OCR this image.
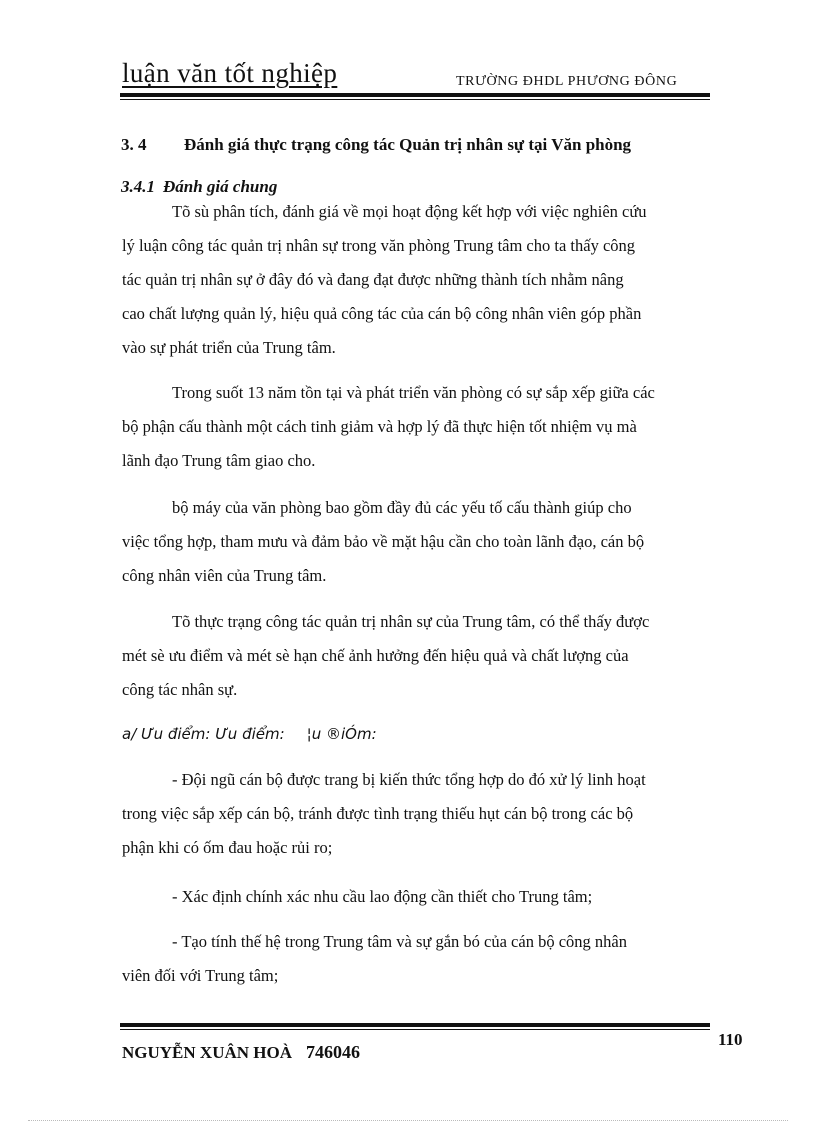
luận văn tốt nghiệp	TRƯỜNG ĐHDL PHƯƠNG ĐÔNG
3. 4 Đánh giá thực trạng công tác Quản trị nhân sự tại Văn phòng
3.4.1 Đánh giá chung
Tõ sù phân tích, đánh giá về mọi hoạt động kết hợp với việc nghiên cứu
lý luận công tác quản trị nhân sự trong văn phòng Trung tâm cho ta thấy công
tác quản trị nhân sự ở đây đó và đang đạt được những thành tích nhằm nâng
cao chất lượng quản lý, hiệu quả công tác của cán bộ công nhân viên góp phần
vào sự phát triển của Trung tâm.
Trong suốt 13 năm tồn tại và phát triển văn phòng có sự sắp xếp giữa các
bộ phận cấu thành một cách tinh giảm và hợp lý đã thực hiện tốt nhiệm vụ mà
lãnh đạo Trung tâm giao cho.
bộ máy của văn phòng bao gồm đầy đủ các yếu tố cấu thành giúp cho
việc tổng hợp, tham mưu và đảm bảo về mặt hậu cần cho toàn lãnh đạo, cán bộ
công nhân viên của Trung tâm.
Tõ thực trạng công tác quản trị nhân sự của Trung tâm, có thể thấy được
mét sè ưu điểm và mét sè hạn chế ảnh hưởng đến hiệu quả và chất lượng của
công tác nhân sự.
a/ Ưu điểm: Ưu điểm: ¦u ®iÓm:
- Đội ngũ cán bộ được trang bị kiến thức tổng hợp do đó xử lý linh hoạt
trong việc sắp xếp cán bộ, tránh được tình trạng thiếu hụt cán bộ trong các bộ
phận khi có ốm đau hoặc rủi ro;
- Xác định chính xác nhu cầu lao động cần thiết cho Trung tâm;
- Tạo tính thế hệ trong Trung tâm và sự gắn bó của cán bộ công nhân
viên đối với Trung tâm;
NGUYỄN XUÂN HOÀ 746046
110
